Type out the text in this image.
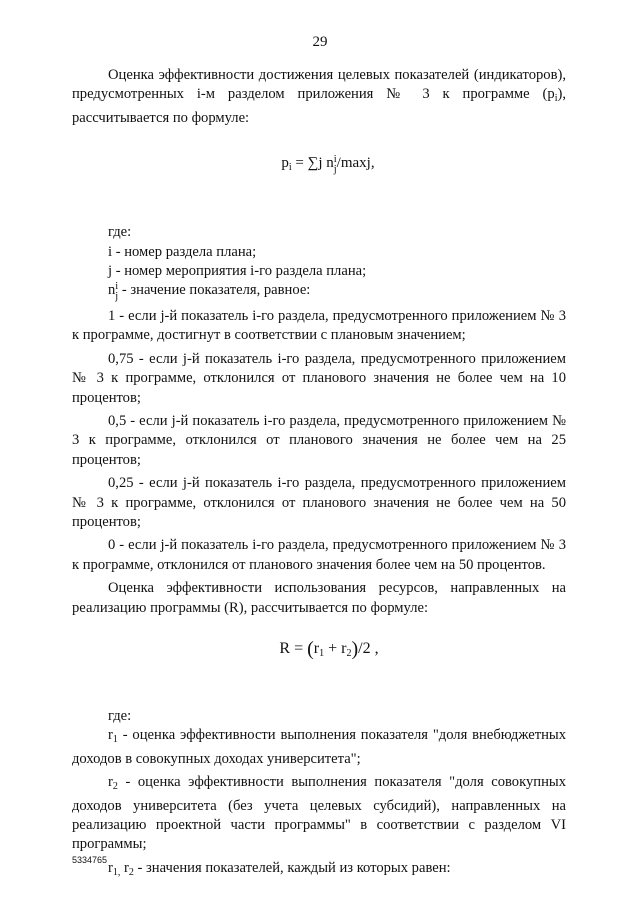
29

Оценка эффективности достижения целевых показателей (индикаторов), предусмотренных i-м разделом приложения № 3 к программе $(p_i)$, рассчитывается по формуле:

$p_i = \sum j$ n i
j /maxj,

где:

i - номер раздела плана;

j - номер мероприятия i-го раздела плана;

n i
j - значение показателя, равное:

1 - если j-й показатель i-го раздела, предусмотренного приложением № 3 к программе, достигнут в соответствии с плановым значением;

0,75 - если j-й показатель i-го раздела, предусмотренного приложением № 3 к программе, отклонился от планового значения не более чем на 10 процентов;

0,5 - если j-й показатель i-го раздела, предусмотренного приложением № 3 к программе, отклонился от планового значения не более чем на 25 процентов;

0,25 - если j-й показатель i-го раздела, предусмотренного приложением № 3 к программе, отклонился от планового значения не более чем на 50 процентов;

0 - если j-й показатель i-го раздела, предусмотренного приложением № 3 к программе, отклонился от планового значения более чем на 50 процентов.

Оценка эффективности использования ресурсов, направленных на реализацию программы (R), рассчитывается по формуле:

$R = (r_1 + r_2)/2$ ,

где:

$r_1$ - оценка эффективности выполнения показателя "доля внебюджетных доходов в совокупных доходах университета";

$r_2$ - оценка эффективности выполнения показателя "доля совокупных доходов университета (без учета целевых субсидий), направленных на реализацию проектной части программы" в соответствии с разделом VI программы;

$r_{1,}$ $r_2$ - значения показателей, каждый из которых равен:

5334765
